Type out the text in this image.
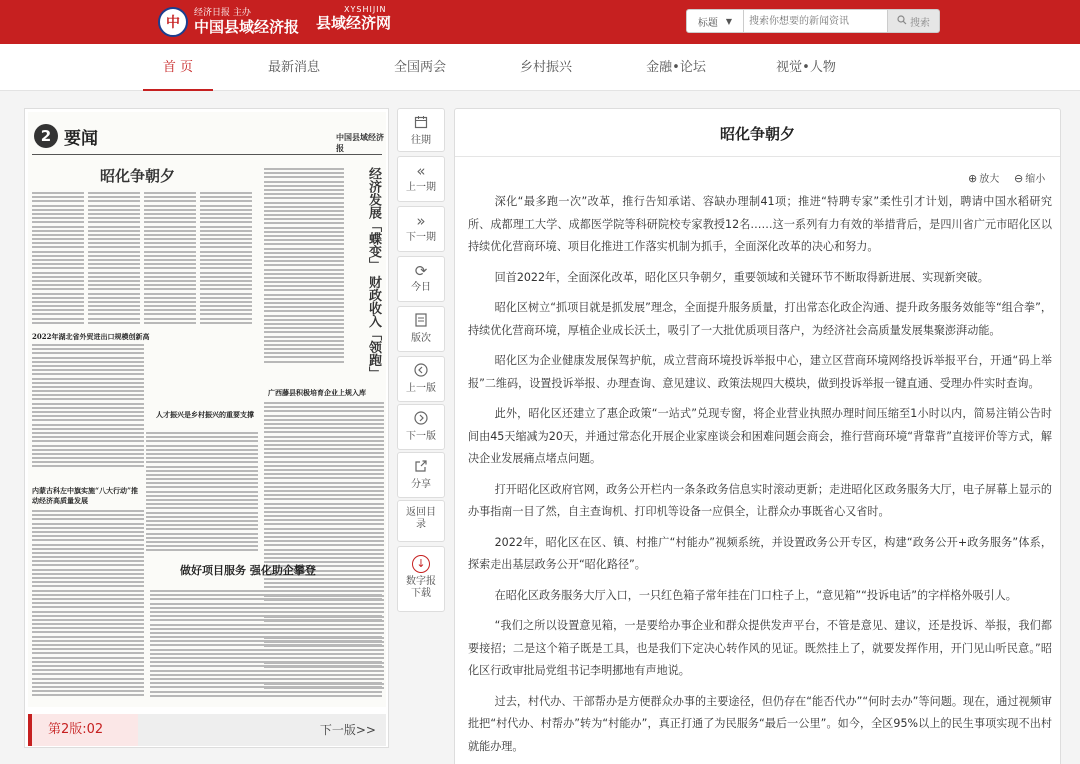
中
经济日报 主办
中国县域经济报
XYSHIJIN
县域经济网	标题 ▼
搜索你想要的新闻资讯	搜索
首 页	最新消息	全国两会	乡村振兴	金融•论坛	视觉•人物
2 要闻	中国县域经济报
昭化争朝夕	经济发展「蝶变」 财政收入「领跑」
2022年湖北省外贸进出口规模创新高
人才振兴是乡村振兴的重要支撑
广西藤县积极培育企业上规入库
内蒙古科左中旗实施“八大行动”推动经济高质量发展
做好项目服务 强化助企攀登
第2版:02	下一版>>
往期
«
上一期
»
下一期
⟳
今日
版次
上一版
下一版
分享
返回目录
↓
数字报下载
昭化争朝夕
⊕ 放大 ⊖ 缩小

深化“最多跑一次”改革，推行告知承诺、容缺办理制41项；推进“特聘专家”柔性引才计划，聘请中国水稻研究所、成都理工大学、成都医学院等科研院校专家教授12名……这一系列有力有效的举措背后，是四川省广元市昭化区以持续优化营商环境、项目化推进工作落实机制为抓手，全面深化改革的决心和努力。

回首2022年，全面深化改革，昭化区只争朝夕，重要领域和关键环节不断取得新进展、实现新突破。

昭化区树立“抓项目就是抓发展”理念，全面提升服务质量，打出常态化政企沟通、提升政务服务效能等“组合拳”，持续优化营商环境，厚植企业成长沃土，吸引了一大批优质项目落户，为经济社会高质量发展集聚澎湃动能。

昭化区为企业健康发展保驾护航，成立营商环境投诉举报中心，建立区营商环境网络投诉举报平台，开通“码上举报”二维码，设置投诉举报、办理查询、意见建议、政策法规四大模块，做到投诉举报一键直通、受理办件实时查询。

此外，昭化区还建立了惠企政策“一站式”兑现专窗，将企业营业执照办理时间压缩至1小时以内，简易注销公告时间由45天缩减为20天，并通过常态化开展企业家座谈会和困难问题会商会，推行营商环境“背靠背”直接评价等方式，解决企业发展痛点堵点问题。

打开昭化区政府官网，政务公开栏内一条条政务信息实时滚动更新；走进昭化区政务服务大厅，电子屏幕上显示的办事指南一目了然，自主查询机、打印机等设备一应俱全，让群众办事既省心又省时。

2022年，昭化区在区、镇、村推广“村能办”视频系统，并设置政务公开专区，构建“政务公开+政务服务”体系，探索走出基层政务公开“昭化路径”。

在昭化区政务服务大厅入口，一只红色箱子常年挂在门口柱子上，“意见箱”“投诉电话”的字样格外吸引人。

“我们之所以设置意见箱，一是要给办事企业和群众提供发声平台，不管是意见、建议，还是投诉、举报，我们都要接招；二是这个箱子既是工具，也是我们下定决心转作风的见证。既然挂上了，就要发挥作用，开门见山听民意。”昭化区行政审批局党组书记李明挪地有声地说。

过去，村代办、干部帮办是方便群众办事的主要途径，但仍存在“能否代办”“何时去办”等问题。现在，通过视频审批把“村代办、村帮办”转为“村能办”，真正打通了为民服务“最后一公里”。如今，全区95%以上的民生事项实现不出村就能办理。
